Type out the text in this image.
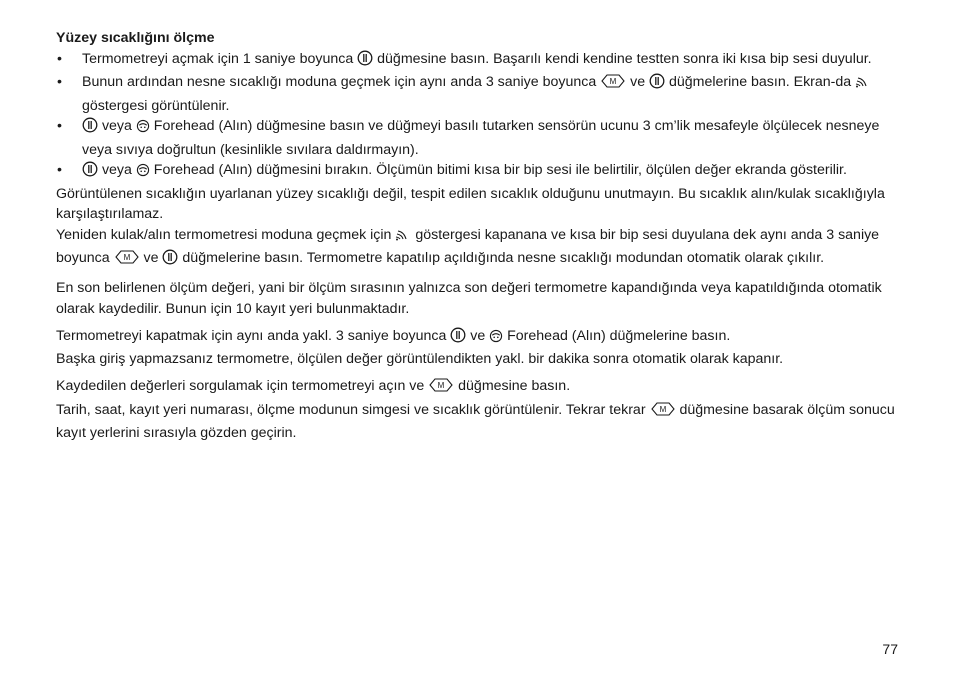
Yüzey sıcaklığını ölçme
• Termometreyi açmak için 1 saniye boyunca  düğmesine basın. Başarılı kendi kendine testten sonra iki kısa bip sesi duyulur.
• Bunun ardından nesne sıcaklığı moduna geçmek için aynı anda 3 saniye boyunca M ve  düğmelerine basın. Ekran-da  göstergesi görüntülenir.
•	veya  Forehead (Alın) düğmesine basın ve düğmeyi basılı tutarken sensörün ucunu 3 cm’lik mesafeyle ölçülecek nesneye veya sıvıya doğrultun (kesinlikle sıvılara daldırmayın).
•	veya  Forehead (Alın) düğmesini bırakın. Ölçümün bitimi kısa bir bip sesi ile belirtilir, ölçülen değer ekranda gösterilir.

Görüntülenen sıcaklığın uyarlanan yüzey sıcaklığı değil, tespit edilen sıcaklık olduğunu unutmayın. Bu sıcaklık alın/kulak sıcaklığıyla karşılaştırılamaz.

Yeniden kulak/alın termometresi moduna geçmek için  göstergesi kapanana ve kısa bir bip sesi duyulana dek aynı anda 3 saniye boyunca M ve  düğmelerine basın. Termometre kapatılıp açıldığında nesne sıcaklığı modundan otomatik olarak çıkılır.

En son belirlenen ölçüm değeri, yani bir ölçüm sırasının yalnızca son değeri termometre kapandığında veya kapatıldığında otomatik olarak kaydedilir. Bunun için 10 kayıt yeri bulunmaktadır.

Termometreyi kapatmak için aynı anda yakl. 3 saniye boyunca  ve  Forehead (Alın) düğmelerine basın.

Başka giriş yapmazsanız termometre, ölçülen değer görüntülendikten yakl. bir dakika sonra otomatik olarak kapanır.

Kaydedilen değerleri sorgulamak için termometreyi açın ve M düğmesine basın.

Tarih, saat, kayıt yeri numarası, ölçme modunun simgesi ve sıcaklık görüntülenir. Tekrar tekrar M düğmesine basarak ölçüm sonucu kayıt yerlerini sırasıyla gözden geçirin.

77
